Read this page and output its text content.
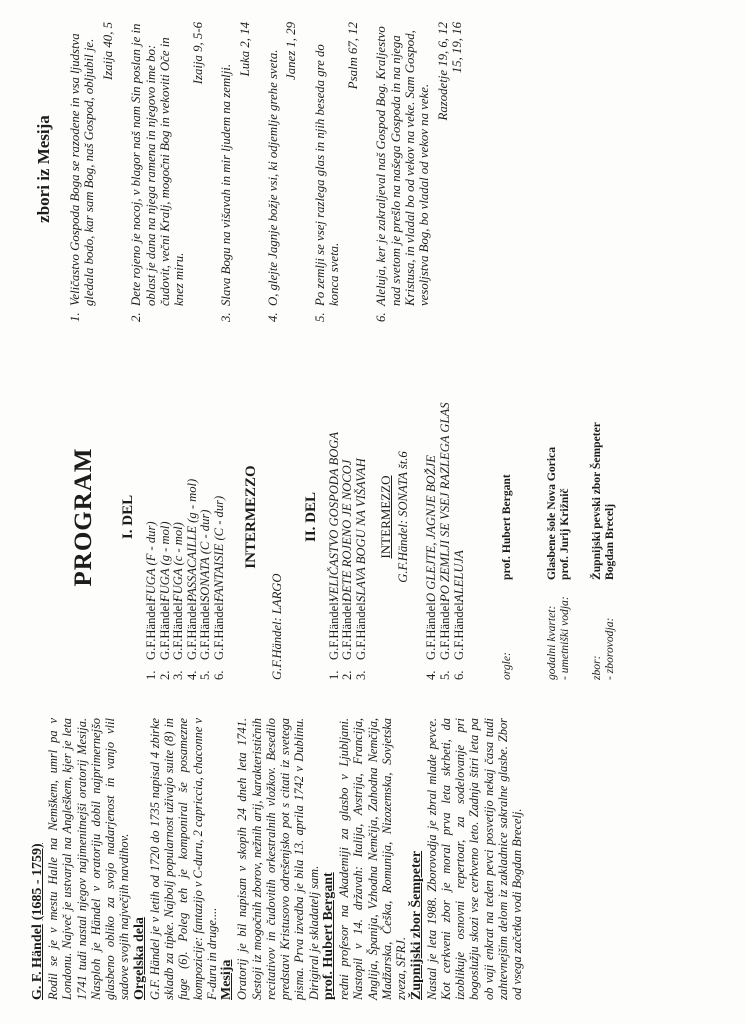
G. F. Händel (1685 - 1759) Rodil se je v mestu Halle na Nemškem, umrl pa v Londonu. Največ je ustvarjal na Angleškem, kjer je leta 1741 tudi nastal njegov najimenitnejši oratorij Mesija. Nasploh je Händel v oratoriju dobil najprimernejšo glasbeno obliko za svojo nadarjenost in vanjo vlil sadove svojih največjih navdihov. Orgelska dela G.F. Händel je v letih od 1720 do 1735 napisal 4 zbirke skladb za tipke. Najbolj popularnost uživajo suite (8) in fuge (6). Poleg teh je komponiral še posamezne kompozicije: fantazijo v C-duru, 2 capriccia, chaconne v F-duru in druge.... Mesija Oratorij je bil napisan v skopih 24 dneh leta 1741. Sestoji iz mogočnih zborov, nežnih arij, karakterističnih recitativov in čudovitih orkestralnih vložkov. Besedilo predstavi Kristusovo odrešenjsko pot s citati iz svetega pisma. Prva izvedba je bila 13. aprila 1742 v Dublinu. Dirigiral je skladatelj sam. prof. Hubert Bergant redni profesor na Akademiji za glasbo v Ljubljani. Nastopil v 14. državah: Italija, Avstrija, Francija, Anglija, Španija, Vzhodna Nemčija, Zahodna Nemčija, Madžarska, Češka, Romunija, Nizozemska, Sovjetska zveza, SFRJ. Župnijski zbor Šempeter Nastal je leta 1988. Zborovodja je zbral mlade pevce. Kot cerkveni zbor je moral prva leta skrbeti, da izoblikuje osnovni repertoar, za sodelovanje pri bogoslužju skozi vse cerkveno leto. Zadnja štiri leta pa ob vaji enkrat na teden pevci posvetijo nekaj časa tudi zahtevnejšim delom iz zakladnice sakralne glasbe. Zbor od vsega začetka vodi Bogdan Brecelj.
PROGRAM I. DEL
1.
G.F.Händel:
FUGA (F - dur)
2.
G.F.Händel:
FUGA (g - mol)
3.
G.F.Händel:
FUGA (c - mol)
4.
G.F.Händel:
PASSACAILLE (g - mol)
5.
G.F.Händel:
SONATA (C - dur)
6.
G.F.Händel:
FANTAISIE (C - dur) INTERMEZZO
G.F.Händel: LARGO
II. DEL
1.
G.F.Händel:
VELIČASTVO GOSPODA BOGA
2.
G.F.Händel:
DETE ROJENO JE NOCOJ
3.
G.F.Händel:
SLAVA BOGU NA VIŠAVAH INTERMEZZO G.F.Händel: SONATA št.6
4.
G.F.Händel:
O GLEJTE, JAGNJE BOŽJE
5.
G.F.Händel:
PO ZEMLJI SE VSEJ RAZLEGA GLAS
6.
G.F.Händel:
ALELUJA
orgle:
prof. Hubert Bergant
godalni kvartet: - umetniški vodja:
Glasbene šole Nova Gorica prof. Jurij Križnič
zbor: - zborovodja:
Župnijski pevski zbor Šempeter Bogdan Brecelj
zbori iz Mesija
1.
Veličastvo Gospoda Boga se razodene in vsa ljudstva gledala bodo, kar sam Bog, naš Gospod, obljubil je. Izaija 40, 5
2.
Dete rojeno je nocoj, v blagor naš nam Sin poslan je in oblast je dana na njega ramena in njegovo ime bo: čudovit, večni Kralj, mogočni Bog in vekoviti Oče in knez miru.
Izaija 9, 5-6
3.
Slava Bogu na višavah in mir ljudem na zemlji.
Luka 2, 14
4.
O, glejte Jagnje božje vsi, ki odjemlje grehe sveta. Janez 1, 29
5.
Po zemlji se vsej razlega glas in njih beseda gre do konca sveta.
Psalm 67, 12
6.
Aleluja, ker je zakraljeval naš Gospod Bog. Kraljestvo nad svetom je prešlo na našega Gospoda in na njega Kristusa, in vladal bo od vekov na veke. Sam Gospod, vesoljstva Bog, bo vladal od vekov na veke.
Razodetje 19, 6, 12 15, 19, 16
